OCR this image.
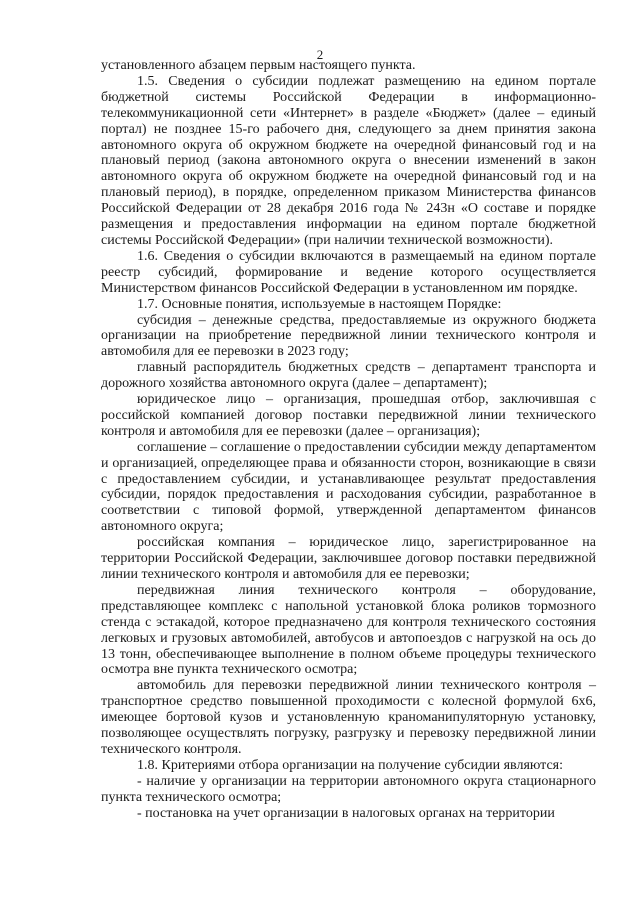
2

установленного абзацем первым настоящего пункта.

1.5. Сведения о субсидии подлежат размещению на едином портале бюджетной системы Российской Федерации в информационно-телекоммуникационной сети «Интернет» в разделе «Бюджет» (далее – единый портал) не позднее 15-го рабочего дня, следующего за днем принятия закона автономного округа об окружном бюджете на очередной финансовый год и на плановый период (закона автономного округа о внесении изменений в закон автономного округа об окружном бюджете на очередной финансовый год и на плановый период), в порядке, определенном приказом Министерства финансов Российской Федерации от 28 декабря 2016 года № 243н «О составе и порядке размещения и предоставления информации на едином портале бюджетной системы Российской Федерации» (при наличии технической возможности).

1.6. Сведения о субсидии включаются в размещаемый на едином портале реестр субсидий, формирование и ведение которого осуществляется Министерством финансов Российской Федерации в установленном им порядке.

1.7. Основные понятия, используемые в настоящем Порядке:

субсидия – денежные средства, предоставляемые из окружного бюджета организации на приобретение передвижной линии технического контроля и автомобиля для ее перевозки в 2023 году;

главный распорядитель бюджетных средств – департамент транспорта и дорожного хозяйства автономного округа (далее – департамент);

юридическое лицо – организация, прошедшая отбор, заключившая с российской компанией договор поставки передвижной линии технического контроля и автомобиля для ее перевозки (далее – организация);

соглашение – соглашение о предоставлении субсидии между департаментом и организацией, определяющее права и обязанности сторон, возникающие в связи с предоставлением субсидии, и устанавливающее результат предоставления субсидии, порядок предоставления и расходования субсидии, разработанное в соответствии с типовой формой, утвержденной департаментом финансов автономного округа;

российская компания – юридическое лицо, зарегистрированное на территории Российской Федерации, заключившее договор поставки передвижной линии технического контроля и автомобиля для ее перевозки;

передвижная линия технического контроля – оборудование, представляющее комплекс с напольной установкой блока роликов тормозного стенда с эстакадой, которое предназначено для контроля технического состояния легковых и грузовых автомобилей, автобусов и автопоездов с нагрузкой на ось до 13 тонн, обеспечивающее выполнение в полном объеме процедуры технического осмотра вне пункта технического осмотра;

автомобиль для перевозки передвижной линии технического контроля – транспортное средство повышенной проходимости с колесной формулой 6х6, имеющее бортовой кузов и установленную краноманипуляторную установку, позволяющее осуществлять погрузку, разгрузку и перевозку передвижной линии технического контроля.

1.8. Критериями отбора организации на получение субсидии являются:

- наличие у организации на территории автономного округа стационарного пункта технического осмотра;

- постановка на учет организации в налоговых органах на территории
